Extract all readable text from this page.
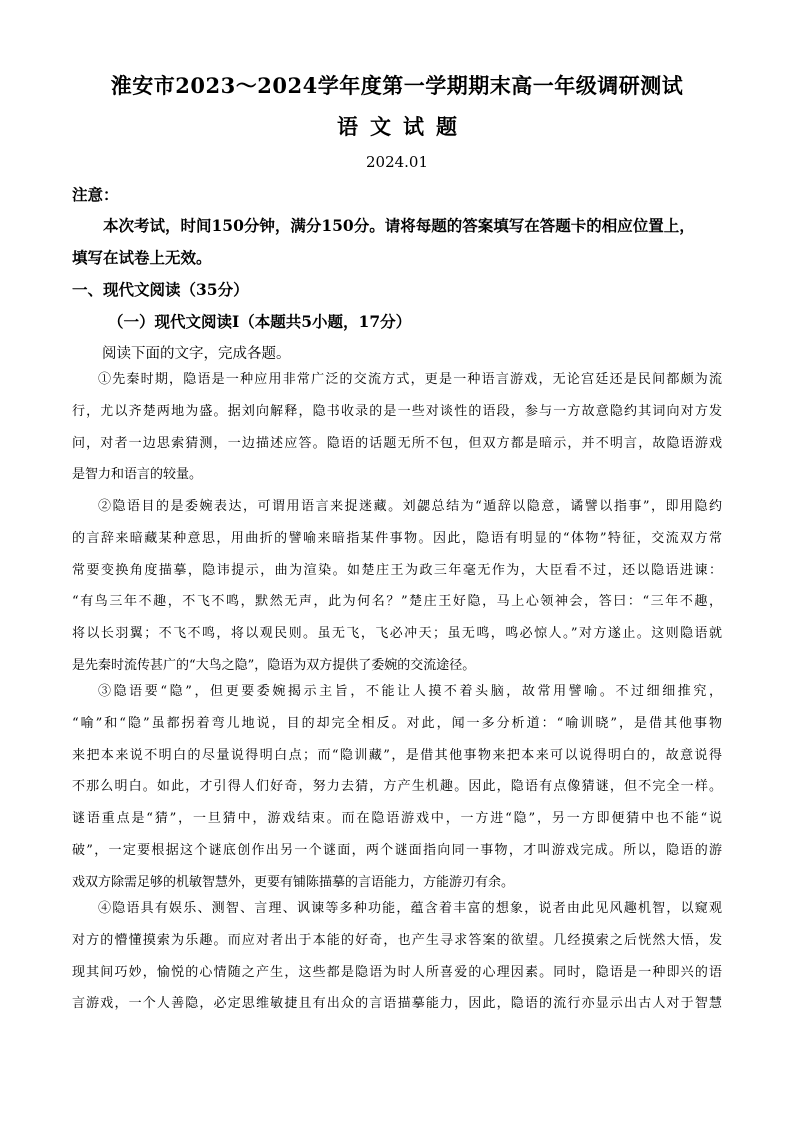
淮安市2023～2024学年度第一学期期末高一年级调研测试
语文试题
2024.01
注意：
本次考试，时间150分钟，满分150分。请将每题的答案填写在答题卡的相应位置上，
填写在试卷上无效。
一、现代文阅读（35分）
（一）现代文阅读Ⅰ（本题共5小题，17分）
阅读下面的文字，完成各题。
①先秦时期，隐语是一种应用非常广泛的交流方式，更是一种语言游戏，无论宫廷还是民间都颇为流
行，尤以齐楚两地为盛。据刘向解释，隐书收录的是一些对谈性的语段，参与一方故意隐约其词向对方发
问，对者一边思索猜测，一边描述应答。隐语的话题无所不包，但双方都是暗示，并不明言，故隐语游戏
是智力和语言的较量。
②隐语目的是委婉表达，可谓用语言来捉迷藏。刘勰总结为“遁辞以隐意，谲譬以指事”，即用隐约
的言辞来暗藏某种意思，用曲折的譬喻来暗指某件事物。因此，隐语有明显的“体物”特征，交流双方常
常要变换角度描摹，隐讳提示，曲为渲染。如楚庄王为政三年毫无作为，大臣看不过，还以隐语进谏：
“有鸟三年不趣，不飞不鸣，默然无声，此为何名？”楚庄王好隐，马上心领神会，答曰：“三年不趣，
将以长羽翼；不飞不鸣，将以观民则。虽无飞，飞必冲天；虽无鸣，鸣必惊人。”对方遂止。这则隐语就
是先秦时流传甚广的“大鸟之隐”，隐语为双方提供了委婉的交流途径。
③隐语要“隐”，但更要委婉揭示主旨，不能让人摸不着头脑，故常用譬喻。不过细细推究，
“喻”和“隐”虽都拐着弯儿地说，目的却完全相反。对此，闻一多分析道：“喻训晓”，是借其他事物
来把本来说不明白的尽量说得明白点；而“隐训藏”，是借其他事物来把本来可以说得明白的，故意说得
不那么明白。如此，才引得人们好奇，努力去猜，方产生机趣。因此，隐语有点像猜谜，但不完全一样。
谜语重点是“猜”，一旦猜中，游戏结束。而在隐语游戏中，一方进“隐”，另一方即便猜中也不能“说
破”，一定要根据这个谜底创作出另一个谜面，两个谜面指向同一事物，才叫游戏完成。所以，隐语的游
戏双方除需足够的机敏智慧外，更要有铺陈描摹的言语能力，方能游刃有余。
④隐语具有娱乐、测智、言理、讽谏等多种功能，蕴含着丰富的想象，说者由此见风趣机智，以窥观
对方的懵懂摸索为乐趣。而应对者出于本能的好奇，也产生寻求答案的欲望。几经摸索之后恍然大悟，发
现其间巧妙，愉悦的心情随之产生，这些都是隐语为时人所喜爱的心理因素。同时，隐语是一种即兴的语
言游戏，一个人善隐，必定思维敏捷且有出众的言语描摹能力，因此，隐语的流行亦显示出古人对于智慧
